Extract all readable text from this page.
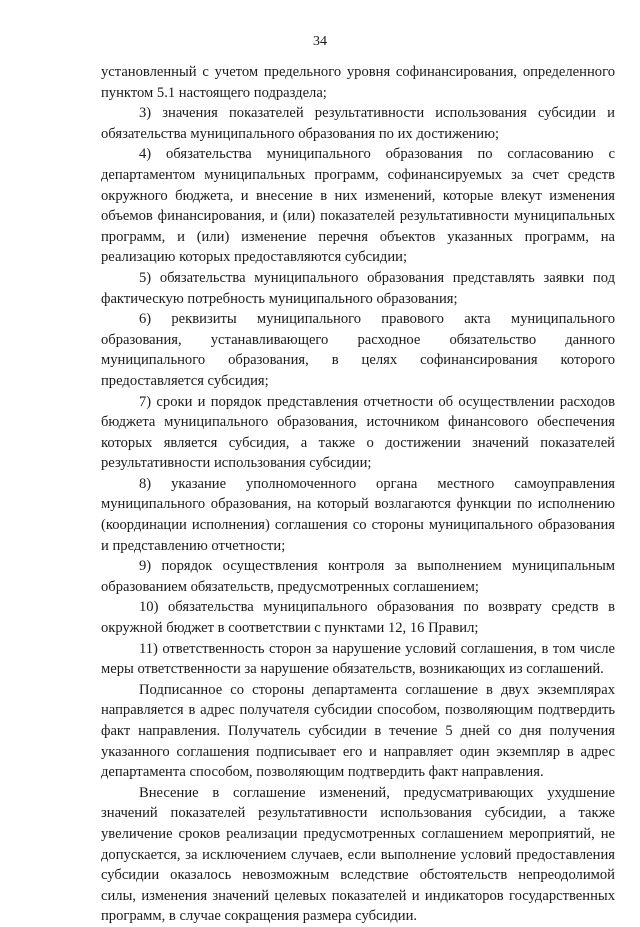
34

установленный с учетом предельного уровня софинансирования, определенного пунктом 5.1 настоящего подраздела;

3) значения показателей результативности использования субсидии и обязательства муниципального образования по их достижению;

4) обязательства муниципального образования по согласованию с департаментом муниципальных программ, софинансируемых за счет средств окружного бюджета, и внесение в них изменений, которые влекут изменения объемов финансирования, и (или) показателей результативности муниципальных программ, и (или) изменение перечня объектов указанных программ, на реализацию которых предоставляются субсидии;

5) обязательства муниципального образования представлять заявки под фактическую потребность муниципального образования;

6) реквизиты муниципального правового акта муниципального образования, устанавливающего расходное обязательство данного муниципального образования, в целях софинансирования которого предоставляется субсидия;

7) сроки и порядок представления отчетности об осуществлении расходов бюджета муниципального образования, источником финансового обеспечения которых является субсидия, а также о достижении значений показателей результативности использования субсидии;

8) указание уполномоченного органа местного самоуправления муниципального образования, на который возлагаются функции по исполнению (координации исполнения) соглашения со стороны муниципального образования и представлению отчетности;

9) порядок осуществления контроля за выполнением муниципальным образованием обязательств, предусмотренных соглашением;

10) обязательства муниципального образования по возврату средств в окружной бюджет в соответствии с пунктами 12, 16 Правил;

11) ответственность сторон за нарушение условий соглашения, в том числе меры ответственности за нарушение обязательств, возникающих из соглашений.

Подписанное со стороны департамента соглашение в двух экземплярах направляется в адрес получателя субсидии способом, позволяющим подтвердить факт направления. Получатель субсидии в течение 5 дней со дня получения указанного соглашения подписывает его и направляет один экземпляр в адрес департамента способом, позволяющим подтвердить факт направления.

Внесение в соглашение изменений, предусматривающих ухудшение значений показателей результативности использования субсидии, а также увеличение сроков реализации предусмотренных соглашением мероприятий, не допускается, за исключением случаев, если выполнение условий предоставления субсидии оказалось невозможным вследствие обстоятельств непреодолимой силы, изменения значений целевых показателей и индикаторов государственных программ, в случае сокращения размера субсидии.
